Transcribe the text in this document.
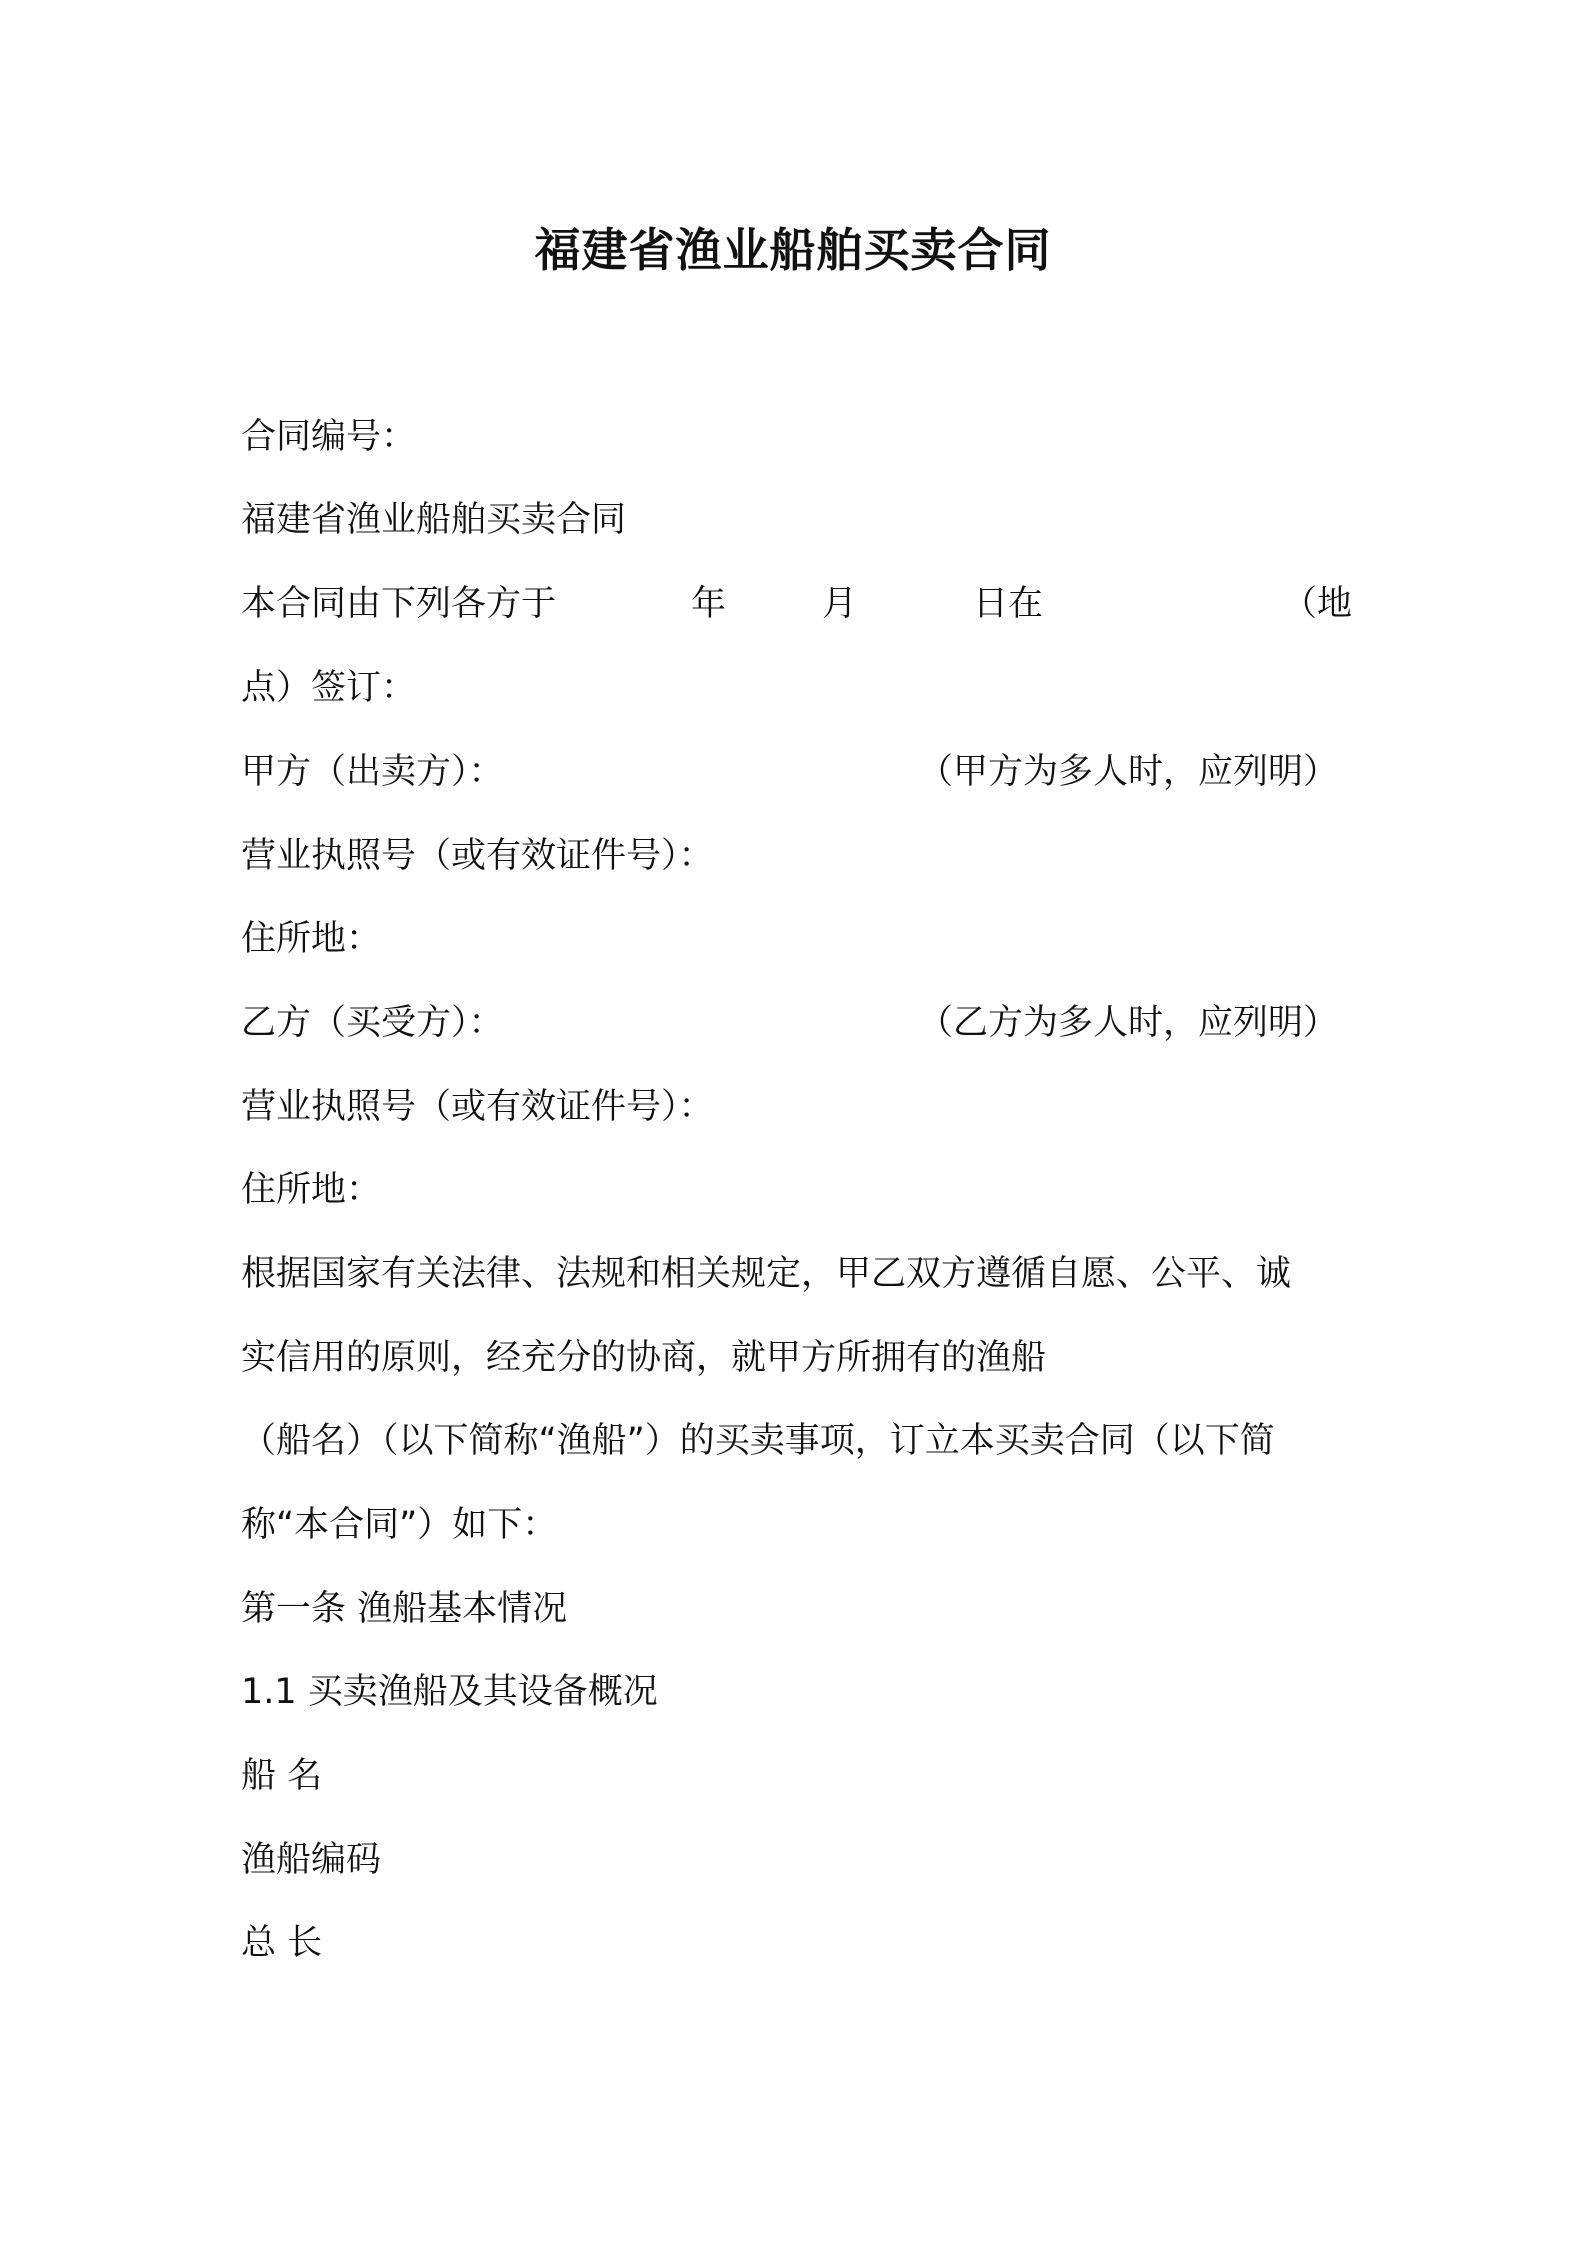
福建省渔业船舶买卖合同
合同编号：
福建省渔业船舶买卖合同
本合同由下列各方于	年	月	日在	（地
点）签订：
甲方（出卖方）：	（甲方为多人时，应列明）
营业执照号（或有效证件号）：
住所地：
乙方（买受方）：	（乙方为多人时，应列明）
营业执照号（或有效证件号）：
住所地：
根据国家有关法律、法规和相关规定，甲乙双方遵循自愿、公平、诚
实信用的原则，经充分的协商，就甲方所拥有的渔船
（船名）（以下简称“渔船”）的买卖事项，订立本买卖合同（以下简
称“本合同”）如下：
第一条 渔船基本情况
1.1 买卖渔船及其设备概况
船 名
渔船编码
总 长
